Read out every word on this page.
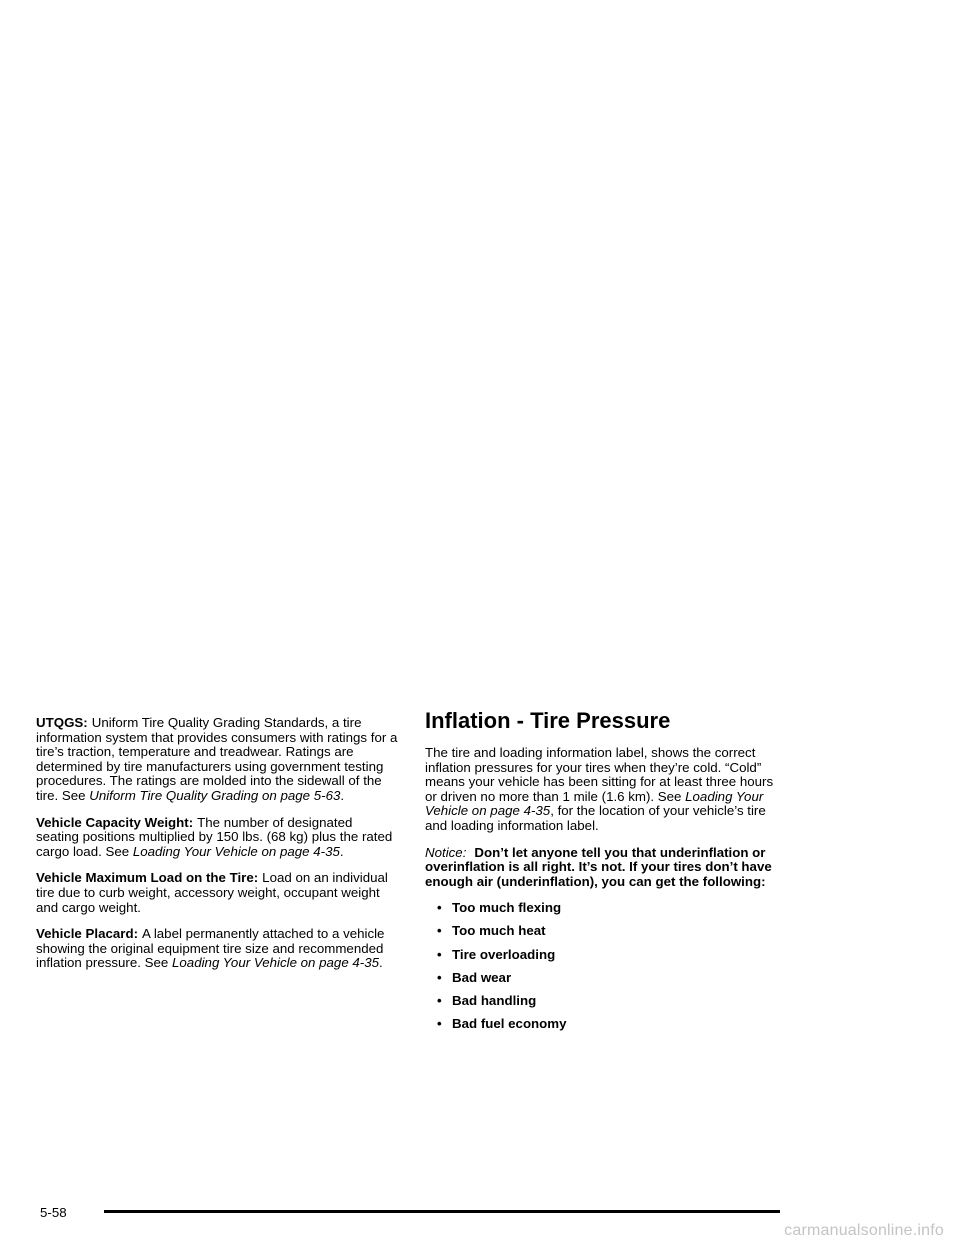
UTQGS: Uniform Tire Quality Grading Standards, a tire information system that provides consumers with ratings for a tire’s traction, temperature and treadwear. Ratings are determined by tire manufacturers using government testing procedures. The ratings are molded into the sidewall of the tire. See Uniform Tire Quality Grading on page 5-63.

Vehicle Capacity Weight: The number of designated seating positions multiplied by 150 lbs. (68 kg) plus the rated cargo load. See Loading Your Vehicle on page 4-35.

Vehicle Maximum Load on the Tire: Load on an individual tire due to curb weight, accessory weight, occupant weight and cargo weight.

Vehicle Placard: A label permanently attached to a vehicle showing the original equipment tire size and recommended inflation pressure. See Loading Your Vehicle on page 4-35.

Inflation - Tire Pressure

The tire and loading information label, shows the correct inflation pressures for your tires when they’re cold. “Cold” means your vehicle has been sitting for at least three hours or driven no more than 1 mile (1.6 km). See Loading Your Vehicle on page 4-35, for the location of your vehicle’s tire and loading information label.

Notice: Don’t let anyone tell you that underinflation or overinflation is all right. It’s not. If your tires don’t have enough air (underinflation), you can get the following:

• Too much flexing
• Too much heat
• Tire overloading
• Bad wear
• Bad handling
• Bad fuel economy
5-58
carmanualsonline.info
